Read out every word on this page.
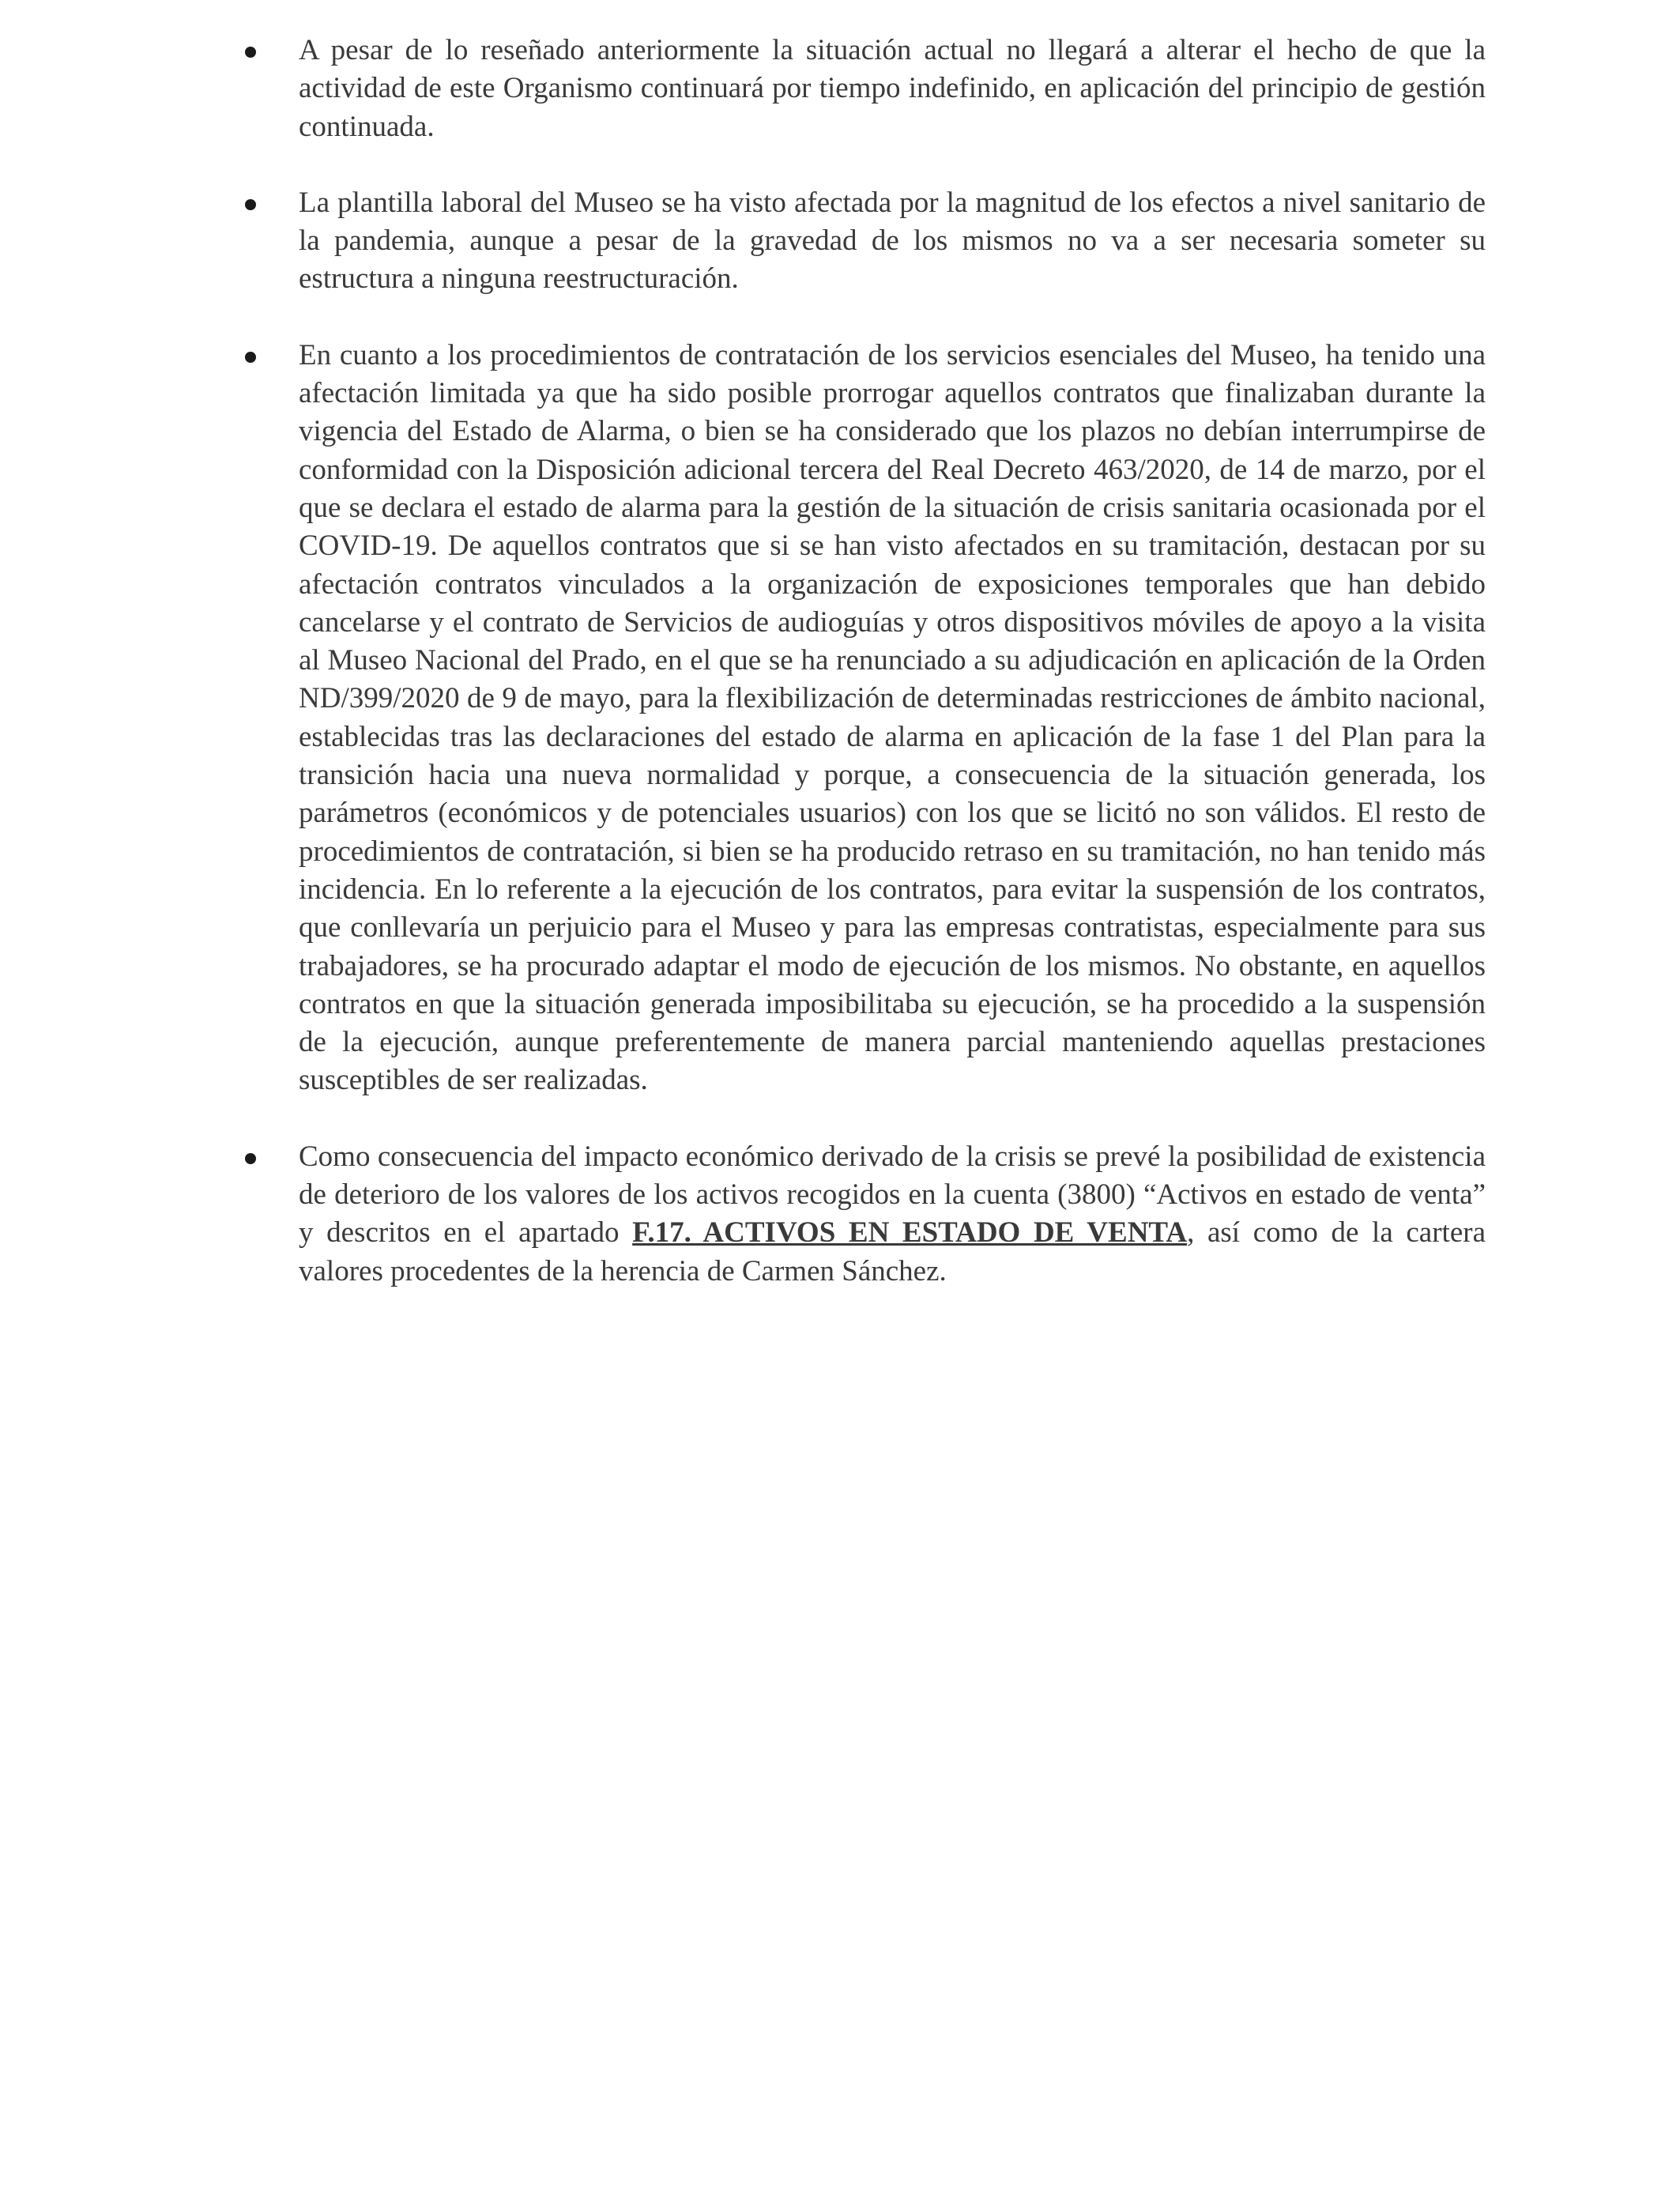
A pesar de lo reseñado anteriormente la situación actual no llegará a alterar el hecho de que la actividad de este Organismo continuará por tiempo indefinido, en aplicación del principio de gestión continuada.

La plantilla laboral del Museo se ha visto afectada por la magnitud de los efectos a nivel sanitario de la pandemia, aunque a pesar de la gravedad de los mismos no va a ser necesaria someter su estructura a ninguna reestructuración.

En cuanto a los procedimientos de contratación de los servicios esenciales del Museo, ha tenido una afectación limitada ya que ha sido posible prorrogar aquellos contratos que finalizaban durante la vigencia del Estado de Alarma, o bien se ha considerado que los plazos no debían interrumpirse de conformidad con la Disposición adicional tercera del Real Decreto 463/2020, de 14 de marzo, por el que se declara el estado de alarma para la gestión de la situación de crisis sanitaria ocasionada por el COVID-19. De aquellos contratos que si se han visto afectados en su tramitación, destacan por su afectación contratos vinculados a la organización de exposiciones temporales que han debido cancelarse y el contrato de Servicios de audioguías y otros dispositivos móviles de apoyo a la visita al Museo Nacional del Prado, en el que se ha renunciado a su adjudicación en aplicación de la Orden ND/399/2020 de 9 de mayo, para la flexibilización de determinadas restricciones de ámbito nacional, establecidas tras las declaraciones del estado de alarma en aplicación de la fase 1 del Plan para la transición hacia una nueva normalidad y porque, a consecuencia de la situación generada, los parámetros (económicos y de potenciales usuarios) con los que se licitó no son válidos. El resto de procedimientos de contratación, si bien se ha producido retraso en su tramitación, no han tenido más incidencia. En lo referente a la ejecución de los contratos, para evitar la suspensión de los contratos, que conllevaría un perjuicio para el Museo y para las empresas contratistas, especialmente para sus trabajadores, se ha procurado adaptar el modo de ejecución de los mismos. No obstante, en aquellos contratos en que la situación generada imposibilitaba su ejecución, se ha procedido a la suspensión de la ejecución, aunque preferentemente de manera parcial manteniendo aquellas prestaciones susceptibles de ser realizadas.

Como consecuencia del impacto económico derivado de la crisis se prevé la posibilidad de existencia de deterioro de los valores de los activos recogidos en la cuenta (3800) “Activos en estado de venta” y descritos en el apartado F.17. ACTIVOS EN ESTADO DE VENTA, así como de la cartera valores procedentes de la herencia de Carmen Sánchez.
